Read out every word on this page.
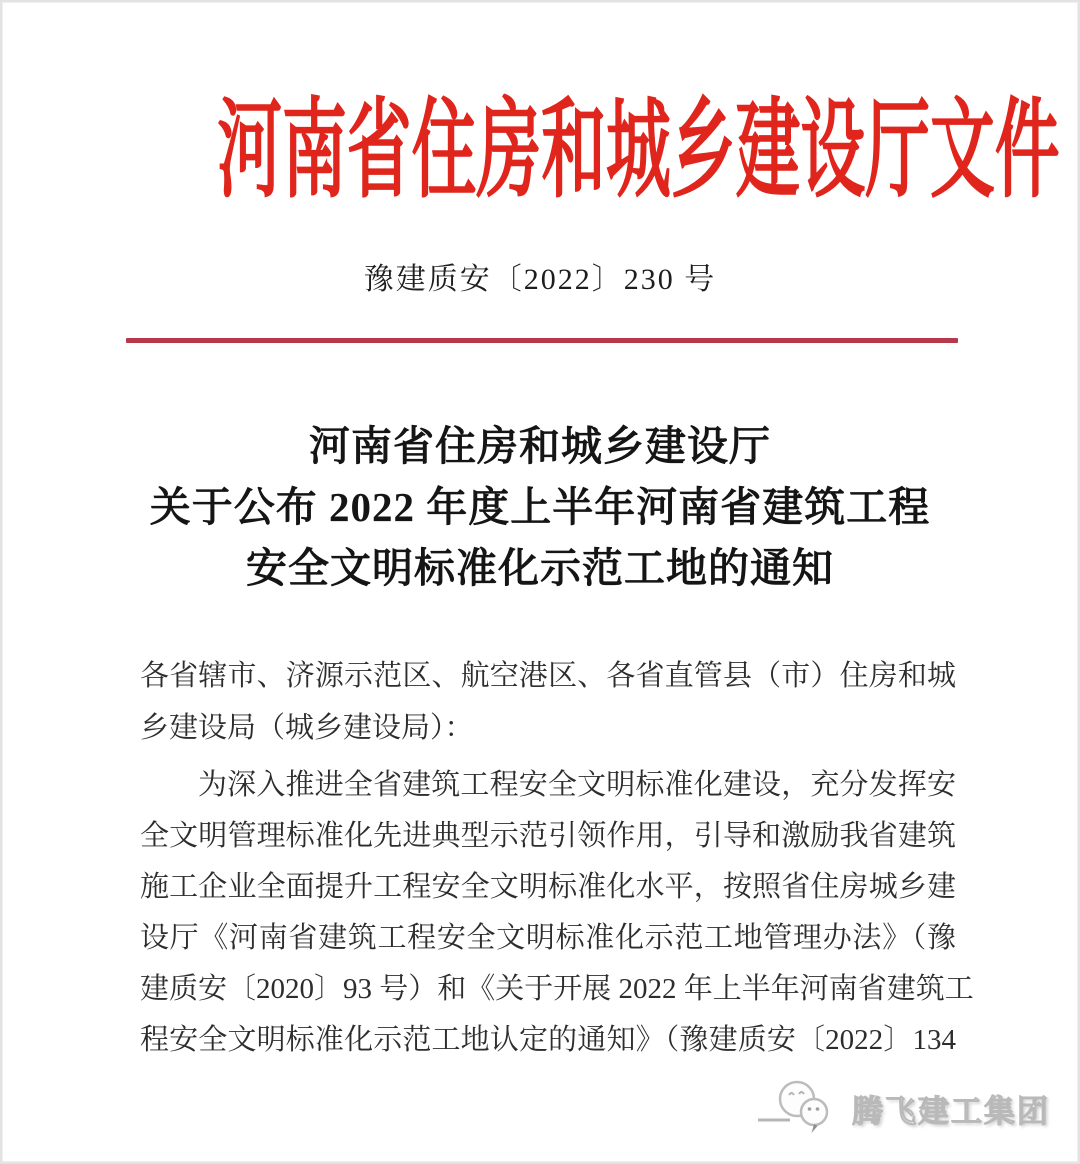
河南省住房和城乡建设厅文件
豫建质安〔2022〕230 号
河南省住房和城乡建设厅
关于公布 2022 年度上半年河南省建筑工程
安全文明标准化示范工地的通知
各省辖市、济源示范区、航空港区、各省直管县（市）住房和城
乡建设局（城乡建设局）：
为深入推进全省建筑工程安全文明标准化建设，充分发挥安
全文明管理标准化先进典型示范引领作用，引导和激励我省建筑
施工企业全面提升工程安全文明标准化水平，按照省住房城乡建
设厅《河南省建筑工程安全文明标准化示范工地管理办法》（豫
建质安〔2020〕93 号）和《关于开展 2022 年上半年河南省建筑工
程安全文明标准化示范工地认定的通知》（豫建质安〔2022〕134
腾飞建工集团
